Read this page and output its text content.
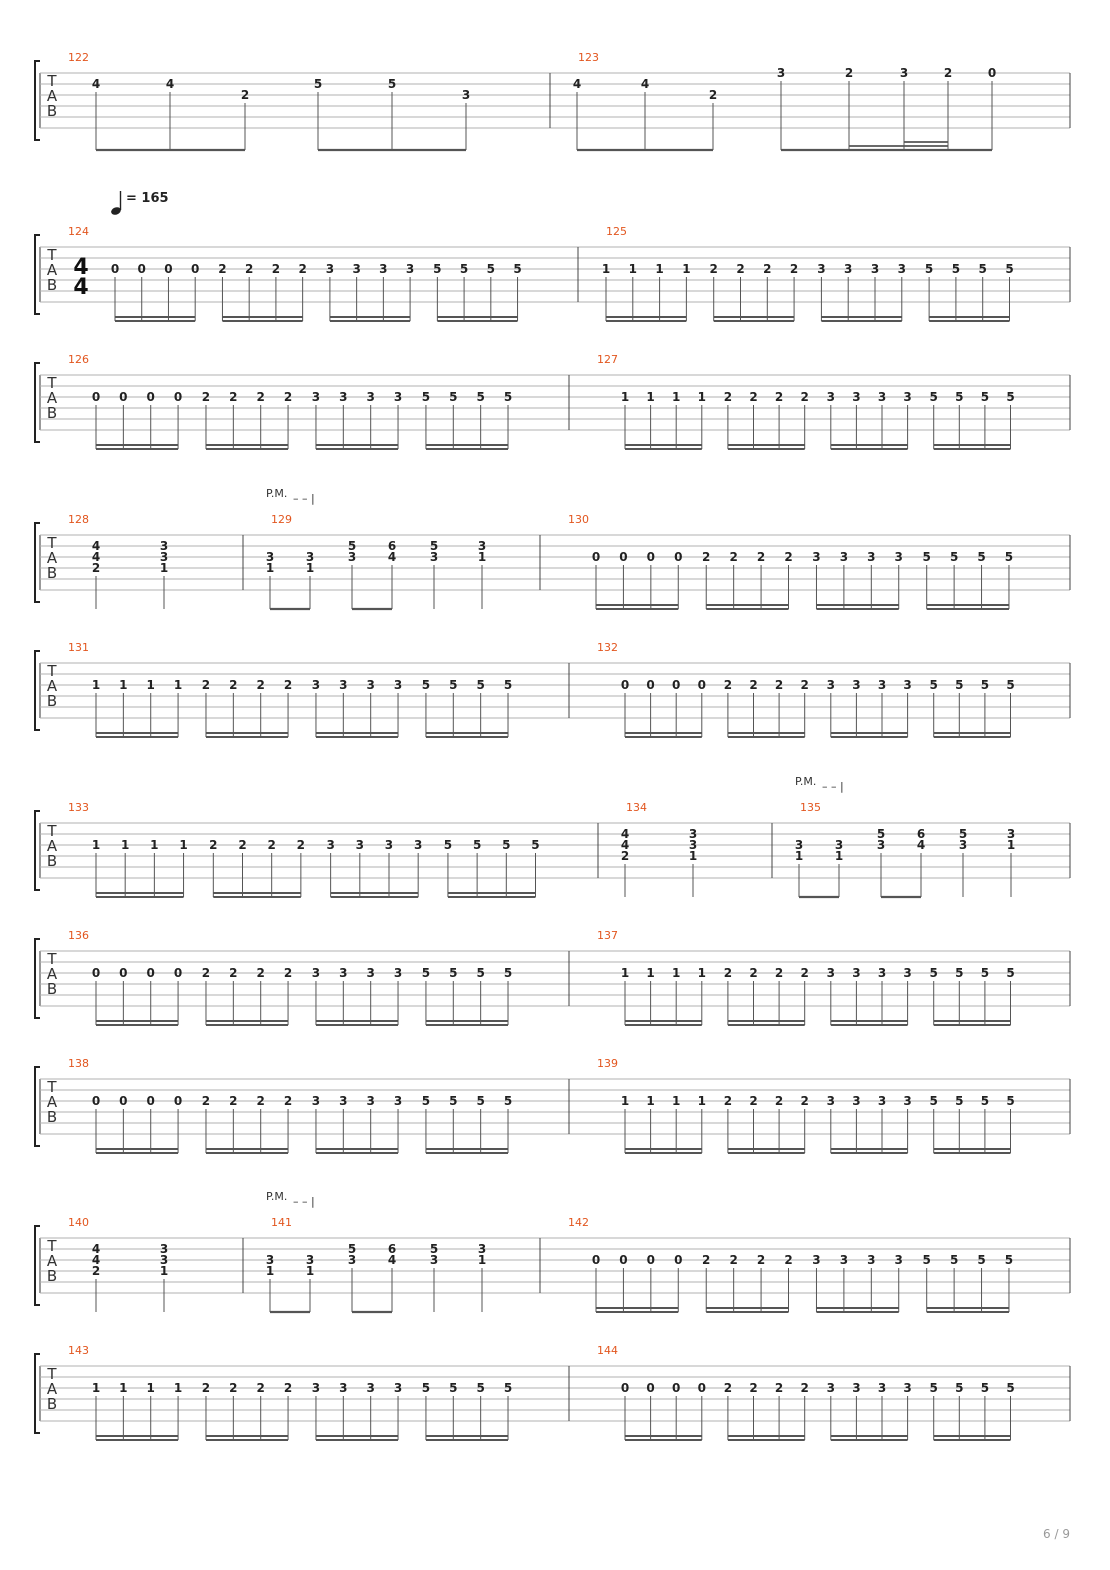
T
A
B
122
4	4
2
5	5
3
123
4	4
2
3	2	3	2	0
T
A
B
= 165
4
4
124
0 0 0 0 2 2 2 2 3 3 3 3 5 5 5 5
125
1 1 1 1 2 2 2 2 3 3 3 3 5 5 5 5
T
A
B
126
0 0 0 0 2 2 2 2 3 3 3 3 5 5 5 5
127
1 1 1 1 2 2 2 2 3 3 3 3 5 5 5 5
T
A
B
128
4
4
2
3
3
1
129
3
1
3
1
5
3
6
4
5
3
3
1
130
0 0 0 0 2 2 2 2 3 3 3 3 5 5 5 5
P.M. – – |
T
A
B
131
1 1 1 1 2 2 2 2 3 3 3 3 5 5 5 5
132
0 0 0 0 2 2 2 2 3 3 3 3 5 5 5 5
T
A
B
133
1 1 1 1 2 2 2 2 3 3 3 3 5 5 5 5
134
4
4
2
3
3
1
135
3
1
3
1
5
3
6
4
5
3
3
1
P.M. – – |
T
A
B
136
0 0 0 0 2 2 2 2 3 3 3 3 5 5 5 5
137
1 1 1 1 2 2 2 2 3 3 3 3 5 5 5 5
T
A
B
138
0 0 0 0 2 2 2 2 3 3 3 3 5 5 5 5
139
1 1 1 1 2 2 2 2 3 3 3 3 5 5 5 5
T
A
B
140
4
4
2
3
3
1
141
3
1
3
1
5
3
6
4
5
3
3
1
142
0 0 0 0 2 2 2 2 3 3 3 3 5 5 5 5
P.M. – – |
T
A
B
143
1 1 1 1 2 2 2 2 3 3 3 3 5 5 5 5
144
0 0 0 0 2 2 2 2 3 3 3 3 5 5 5 5
6 / 9
